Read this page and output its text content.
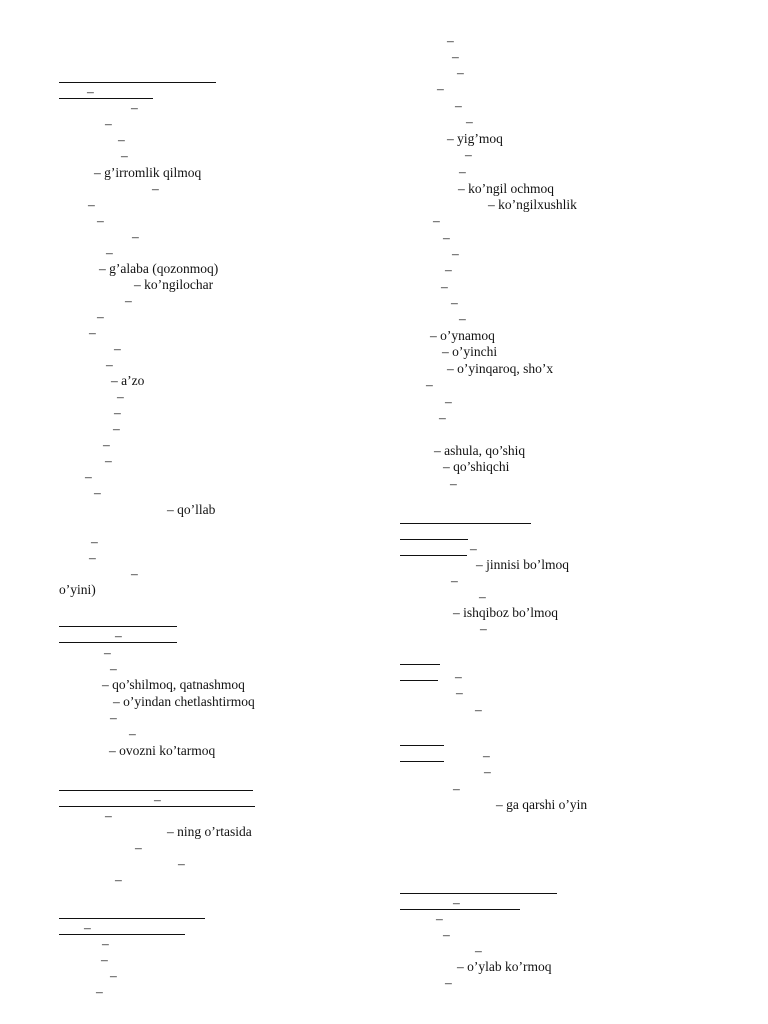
–
–
–
–
–
– g’irromlik qilmoq
–
–
–
–
–
– g’alaba (qozonmoq)
– ko’ngilochar
–
–
–
–
–
– a’zo
–
–
–
–
–
–
–
– qo’llab
–
–
–
o’yini)
–
–
–
– qo’shilmoq, qatnashmoq
– o’yindan chetlashtirmoq
–
–
– ovozni ko’tarmoq
–
–
– ning o’rtasida
–
–
–
–
–
–
–
–
–
–
–
–
–
–
– yig’moq
–
–
– ko’ngil ochmoq
– ko’ngilxushlik
–
–
–
–
–
–
–
– o’ynamoq
– o’yinchi
– o’yinqaroq, sho’x
–
–
–
– ashula, qo’shiq
– qo’shiqchi
–
–
– jinnisi bo’lmoq
–
–
– ishqiboz bo’lmoq
–
–
–
–
–
–
–
– ga qarshi o’yin
–
–
–
–
– o’ylab ko’rmoq
–
